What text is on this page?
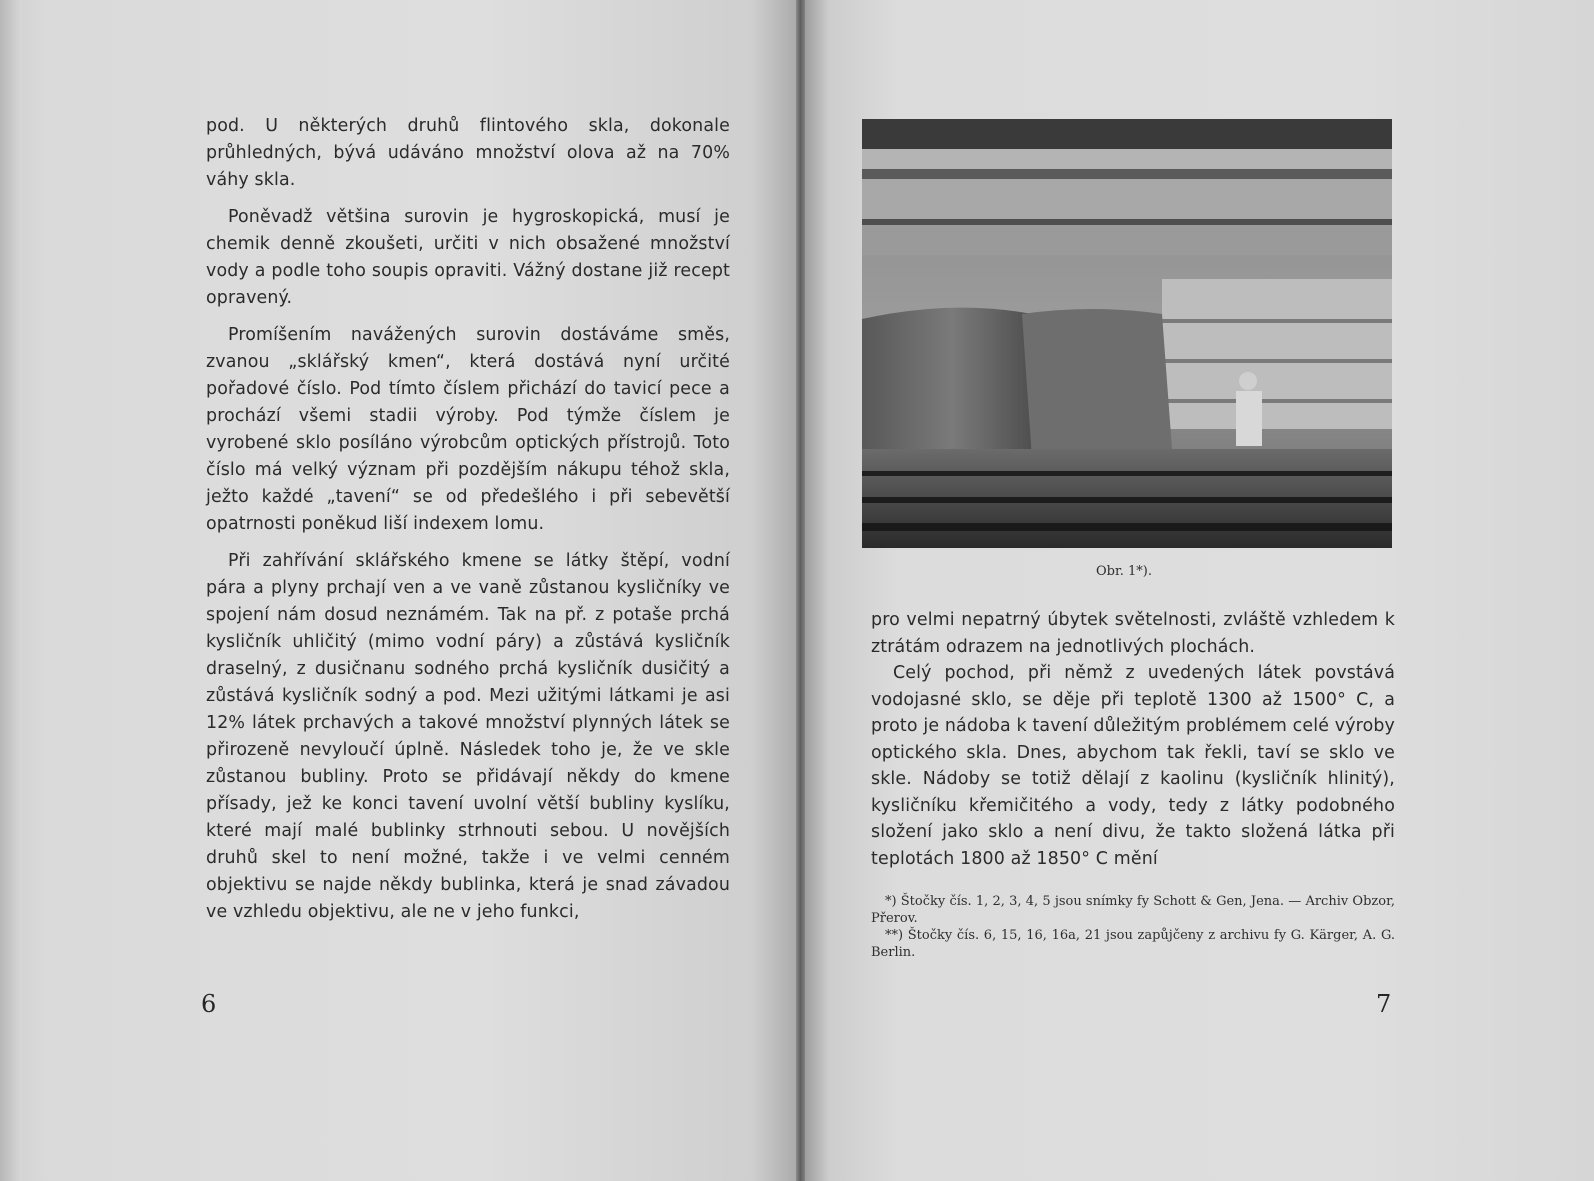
pod. U některých druhů flintového skla, dokonale průhledných, bývá udáváno množství olova až na 70% váhy skla.

Poněvadž většina surovin je hygroskopická, musí je chemik denně zkoušeti, určiti v nich obsažené množství vody a podle toho soupis opraviti. Vážný dostane již recept opravený.

Promíšením navážených surovin dostáváme směs, zvanou „sklářský kmen“, která dostává nyní určité pořadové číslo. Pod tímto číslem přichází do tavicí pece a prochází všemi stadii výroby. Pod týmže číslem je vyrobené sklo posíláno výrobcům optických přístrojů. Toto číslo má velký význam při pozdějším nákupu téhož skla, ježto každé „tavení“ se od předešlého i při sebevětší opatrnosti poněkud liší indexem lomu.

Při zahřívání sklářského kmene se látky štěpí, vodní pára a plyny prchají ven a ve vaně zůstanou kysličníky ve spojení nám dosud neznámém. Tak na př. z potaše prchá kysličník uhličitý (mimo vodní páry) a zůstává kysličník draselný, z dusičnanu sodného prchá kysličník dusičitý a zůstává kysličník sodný a pod. Mezi užitými látkami je asi 12% látek prchavých a takové množství plynných látek se přirozeně nevyloučí úplně. Následek toho je, že ve skle zůstanou bubliny. Proto se přidávají někdy do kmene přísady, jež ke konci tavení uvolní větší bubliny kyslíku, které mají malé bublinky strhnouti sebou. U novějších druhů skel to není možné, takže i ve velmi cenném objektivu se najde někdy bublinka, která je snad závadou ve vzhledu objektivu, ale ne v jeho funkci,

6
Obr. 1*).

pro velmi nepatrný úbytek světelnosti, zvláště vzhledem k ztrátám odrazem na jednotlivých plochách.

Celý pochod, při němž z uvedených látek povstává vodojasné sklo, se děje při teplotě 1300 až 1500° C, a proto je nádoba k tavení důležitým problémem celé výroby optického skla. Dnes, abychom tak řekli, taví se sklo ve skle. Nádoby se totiž dělají z kaolinu (kysličník hlinitý), kysličníku křemičitého a vody, tedy z látky podobného složení jako sklo a není divu, že takto složená látka při teplotách 1800 až 1850° C mění

*) Štočky čís. 1, 2, 3, 4, 5 jsou snímky fy Schott & Gen, Jena. — Archiv Obzor, Přerov.

**) Štočky čís. 6, 15, 16, 16a, 21 jsou zapůjčeny z archivu fy G. Kärger, A. G. Berlin.

7
